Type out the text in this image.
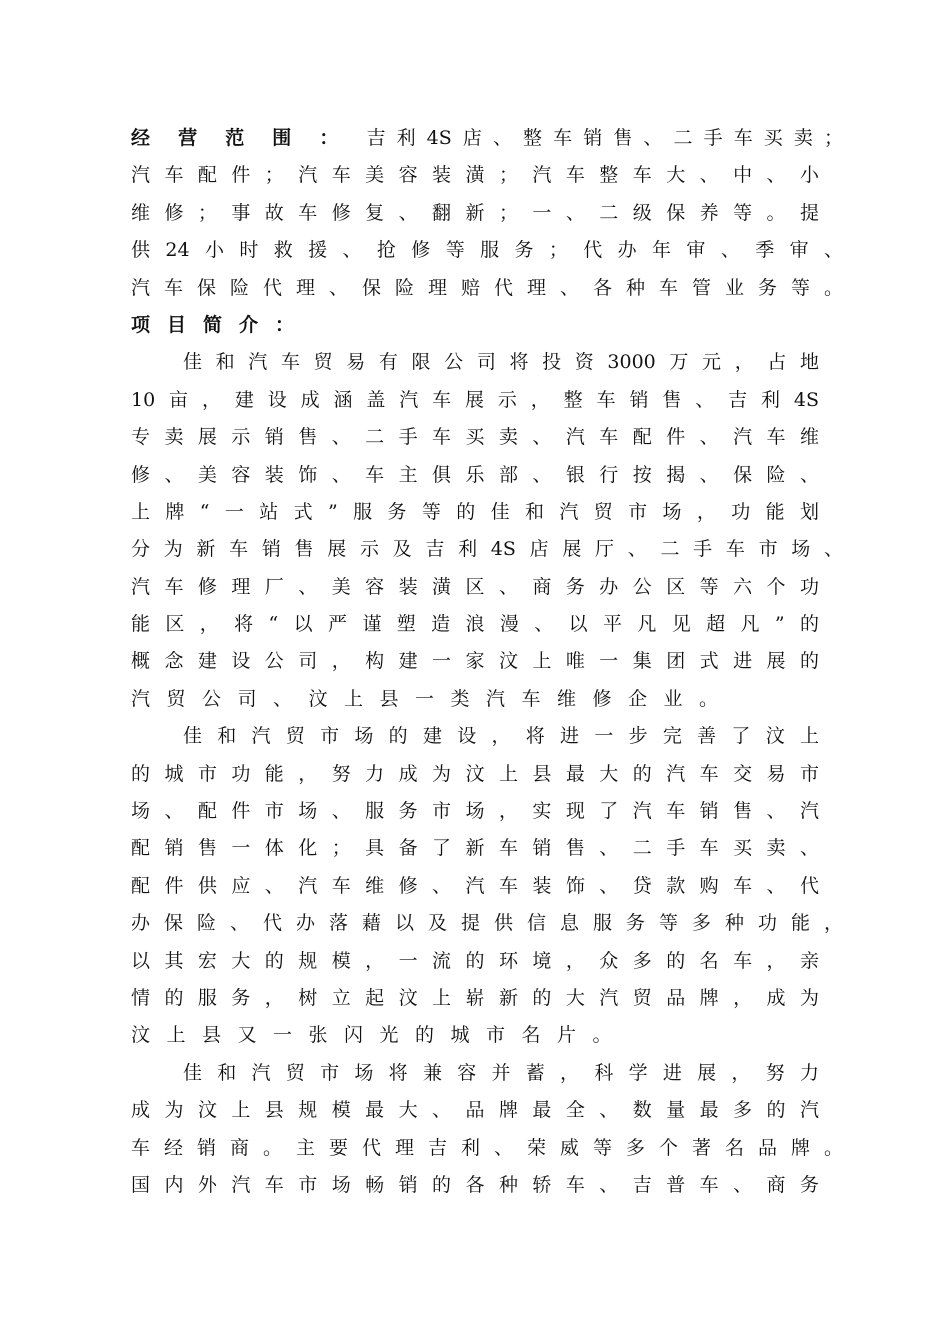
经营范围：吉利4S店、整车销售、二手车买卖；
汽车配件；汽车美容装潢；汽车整车大、中、小
维修；事故车修复、翻新；一、二级保养等。提
供24小时救援、抢修等服务；代办年审、季审、
汽车保险代理、保险理赔代理、各种车管业务等。
项目简介：
佳和汽车贸易有限公司将投资3000万元，占地
10亩，建设成涵盖汽车展示，整车销售、吉利4S
专卖展示销售、二手车买卖、汽车配件、汽车维
修、美容装饰、车主俱乐部、银行按揭、保险、
上牌“一站式”服务等的佳和汽贸市场，功能划
分为新车销售展示及吉利4S店展厅、二手车市场、
汽车修理厂、美容装潢区、商务办公区等六个功
能区，将“以严谨塑造浪漫、以平凡见超凡”的
概念建设公司，构建一家汶上唯一集团式进展的
汽贸公司、汶上县一类汽车维修企业。
佳和汽贸市场的建设，将进一步完善了汶上
的城市功能，努力成为汶上县最大的汽车交易市
场、配件市场、服务市场，实现了汽车销售、汽
配销售一体化；具备了新车销售、二手车买卖、
配件供应、汽车维修、汽车装饰、贷款购车、代
办保险、代办落藉以及提供信息服务等多种功能，
以其宏大的规模，一流的环境，众多的名车，亲
情的服务，树立起汶上崭新的大汽贸品牌，成为
汶上县又一张闪光的城市名片。
佳和汽贸市场将兼容并蓄，科学进展，努力
成为汶上县规模最大、品牌最全、数量最多的汽
车经销商。主要代理吉利、荣威等多个著名品牌。
国内外汽车市场畅销的各种轿车、吉普车、商务
